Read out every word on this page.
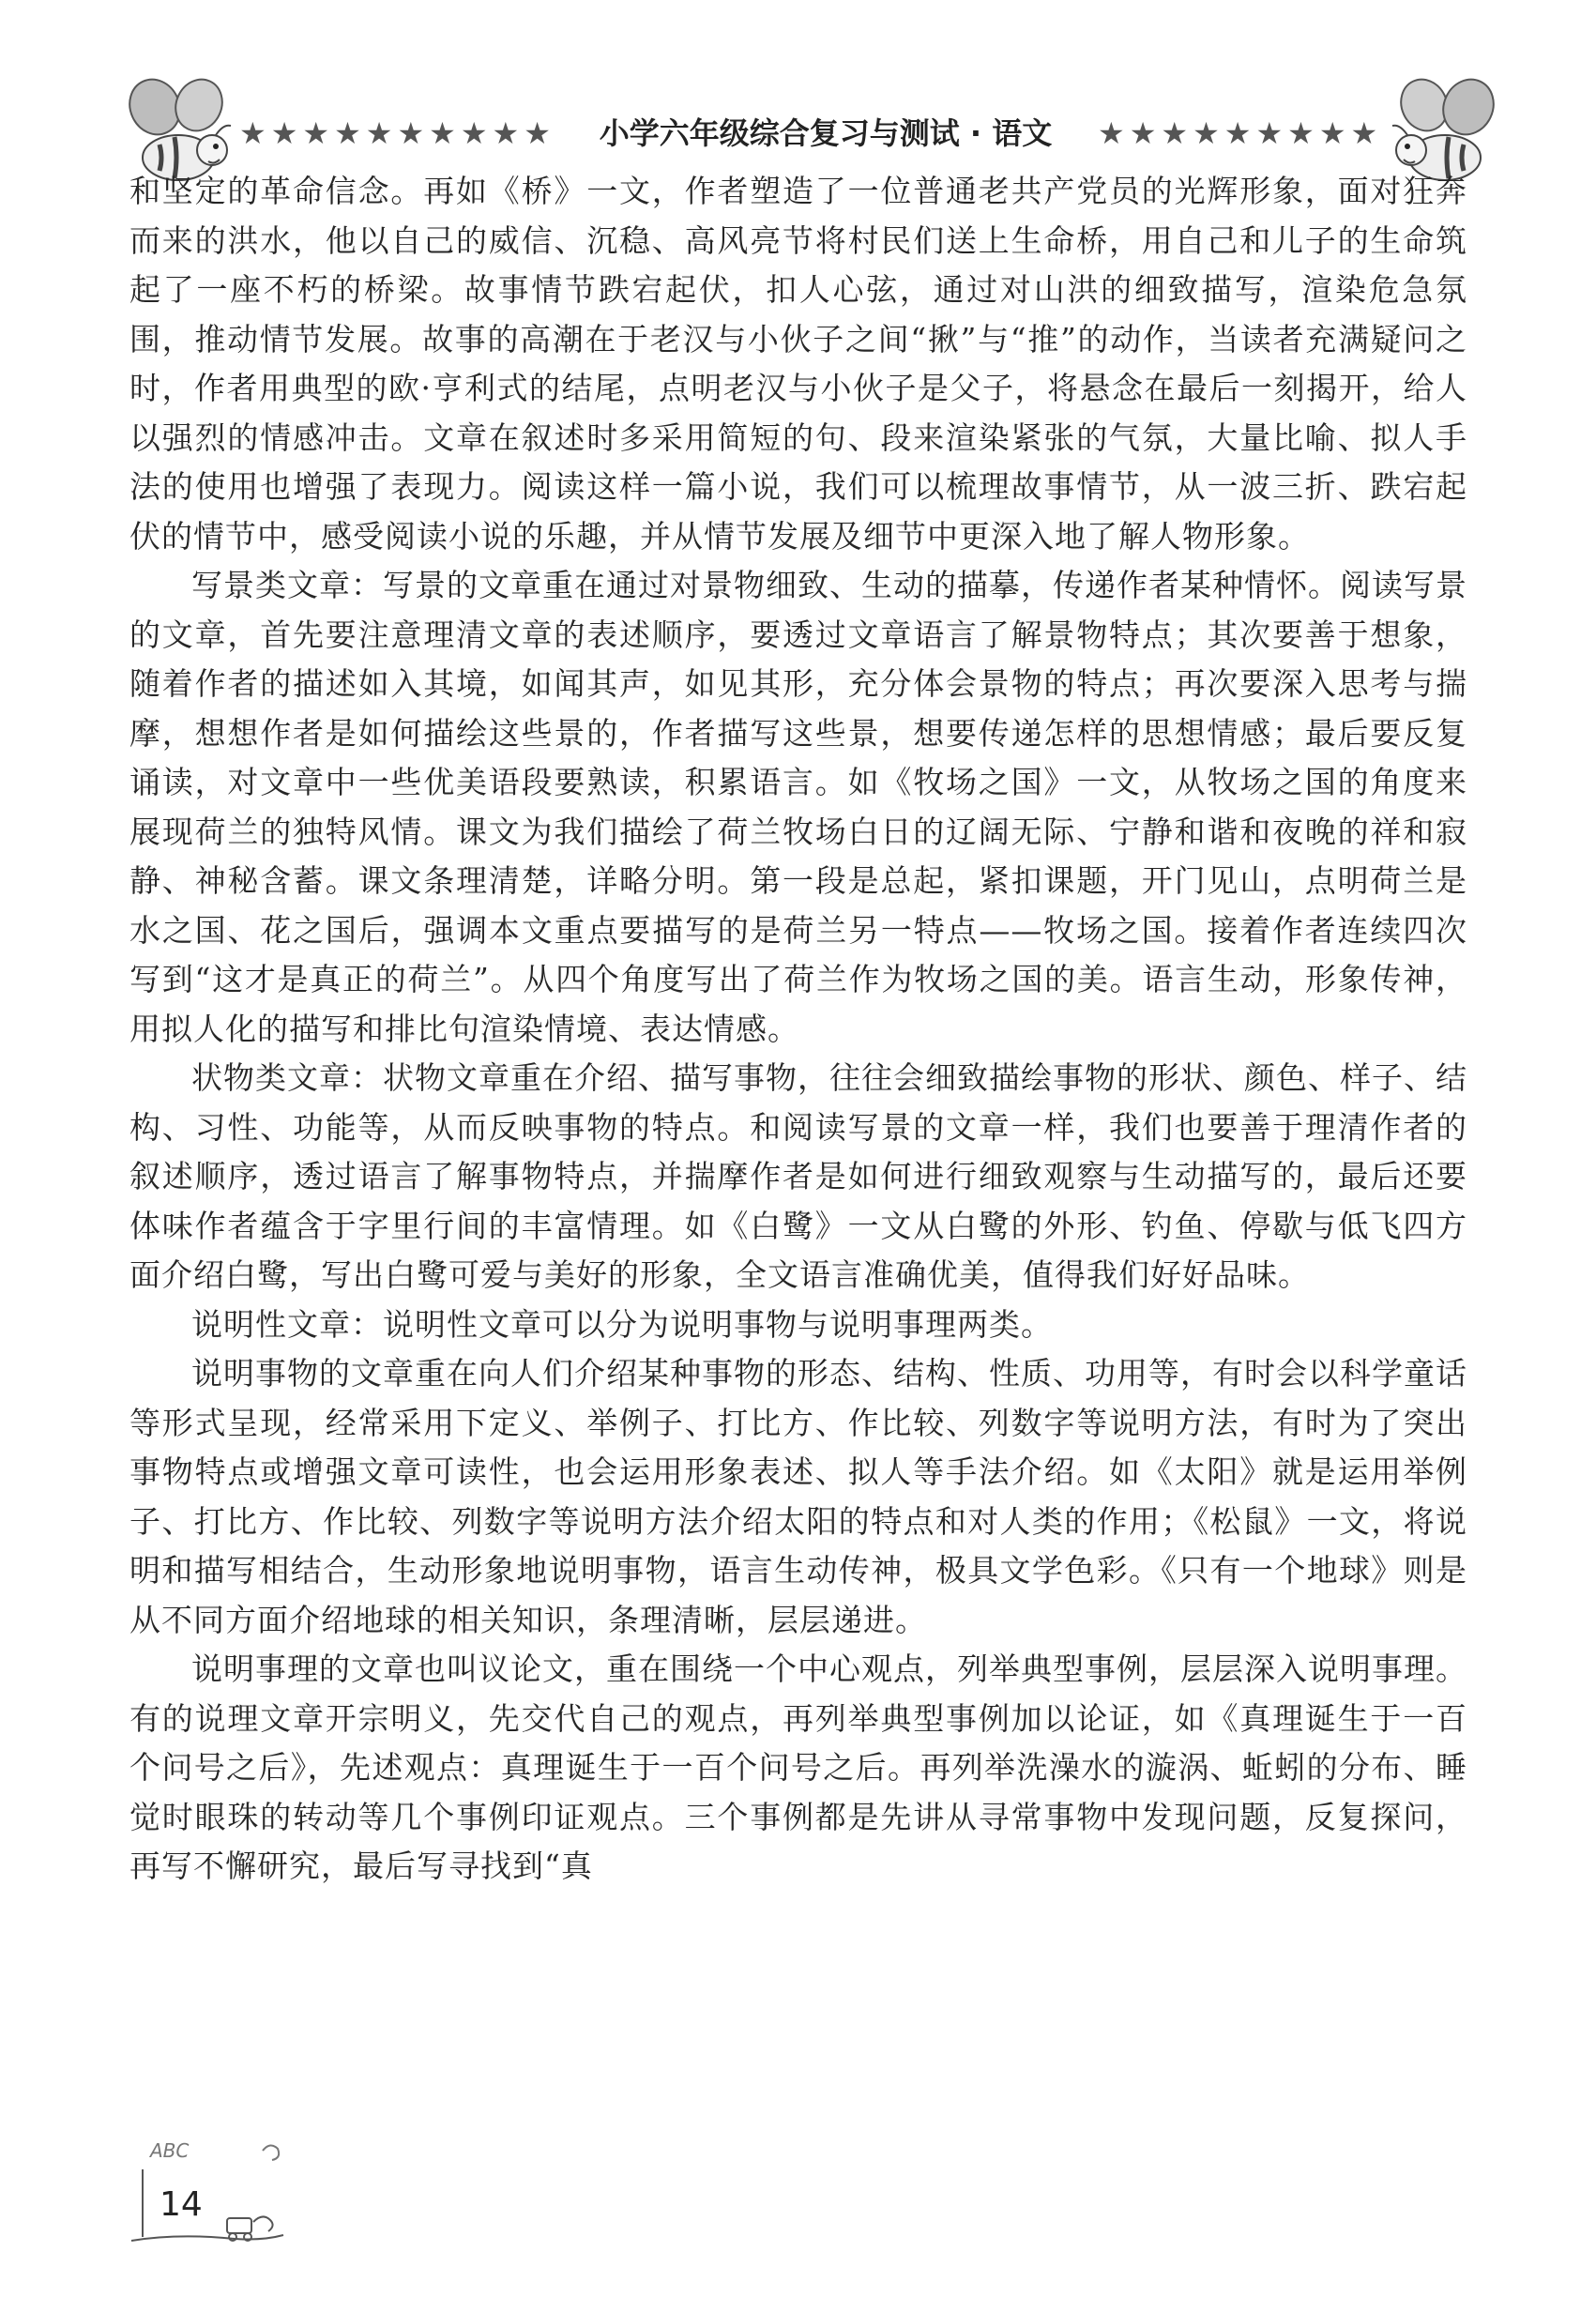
★★★★★★★★★★	小学六年级综合复习与测试 · 语文	★★★★★★★★★

和坚定的革命信念。再如《桥》一文，作者塑造了一位普通老共产党员的光辉形象，面对狂奔而来的洪水，他以自己的威信、沉稳、高风亮节将村民们送上生命桥，用自己和儿子的生命筑起了一座不朽的桥梁。故事情节跌宕起伏，扣人心弦，通过对山洪的细致描写，渲染危急氛围，推动情节发展。故事的高潮在于老汉与小伙子之间“揪”与“推”的动作，当读者充满疑问之时，作者用典型的欧·亨利式的结尾，点明老汉与小伙子是父子，将悬念在最后一刻揭开，给人以强烈的情感冲击。文章在叙述时多采用简短的句、段来渲染紧张的气氛，大量比喻、拟人手法的使用也增强了表现力。阅读这样一篇小说，我们可以梳理故事情节，从一波三折、跌宕起伏的情节中，感受阅读小说的乐趣，并从情节发展及细节中更深入地了解人物形象。

写景类文章：写景的文章重在通过对景物细致、生动的描摹，传递作者某种情怀。阅读写景的文章，首先要注意理清文章的表述顺序，要透过文章语言了解景物特点；其次要善于想象，随着作者的描述如入其境，如闻其声，如见其形，充分体会景物的特点；再次要深入思考与揣摩，想想作者是如何描绘这些景的，作者描写这些景，想要传递怎样的思想情感；最后要反复诵读，对文章中一些优美语段要熟读，积累语言。如《牧场之国》一文，从牧场之国的角度来展现荷兰的独特风情。课文为我们描绘了荷兰牧场白日的辽阔无际、宁静和谐和夜晚的祥和寂静、神秘含蓄。课文条理清楚，详略分明。第一段是总起，紧扣课题，开门见山，点明荷兰是水之国、花之国后，强调本文重点要描写的是荷兰另一特点——牧场之国。接着作者连续四次写到“这才是真正的荷兰”。从四个角度写出了荷兰作为牧场之国的美。语言生动，形象传神，用拟人化的描写和排比句渲染情境、表达情感。

状物类文章：状物文章重在介绍、描写事物，往往会细致描绘事物的形状、颜色、样子、结构、习性、功能等，从而反映事物的特点。和阅读写景的文章一样，我们也要善于理清作者的叙述顺序，透过语言了解事物特点，并揣摩作者是如何进行细致观察与生动描写的，最后还要体味作者蕴含于字里行间的丰富情理。如《白鹭》一文从白鹭的外形、钓鱼、停歇与低飞四方面介绍白鹭，写出白鹭可爱与美好的形象，全文语言准确优美，值得我们好好品味。

说明性文章：说明性文章可以分为说明事物与说明事理两类。

说明事物的文章重在向人们介绍某种事物的形态、结构、性质、功用等，有时会以科学童话等形式呈现，经常采用下定义、举例子、打比方、作比较、列数字等说明方法，有时为了突出事物特点或增强文章可读性，也会运用形象表述、拟人等手法介绍。如《太阳》就是运用举例子、打比方、作比较、列数字等说明方法介绍太阳的特点和对人类的作用；《松鼠》一文，将说明和描写相结合，生动形象地说明事物，语言生动传神，极具文学色彩。《只有一个地球》则是从不同方面介绍地球的相关知识，条理清晰，层层递进。

说明事理的文章也叫议论文，重在围绕一个中心观点，列举典型事例，层层深入说明事理。有的说理文章开宗明义，先交代自己的观点，再列举典型事例加以论证，如《真理诞生于一百个问号之后》，先述观点：真理诞生于一百个问号之后。再列举洗澡水的漩涡、蚯蚓的分布、睡觉时眼珠的转动等几个事例印证观点。三个事例都是先讲从寻常事物中发现问题，反复探问，再写不懈研究，最后写寻找到“真

ABC
14
